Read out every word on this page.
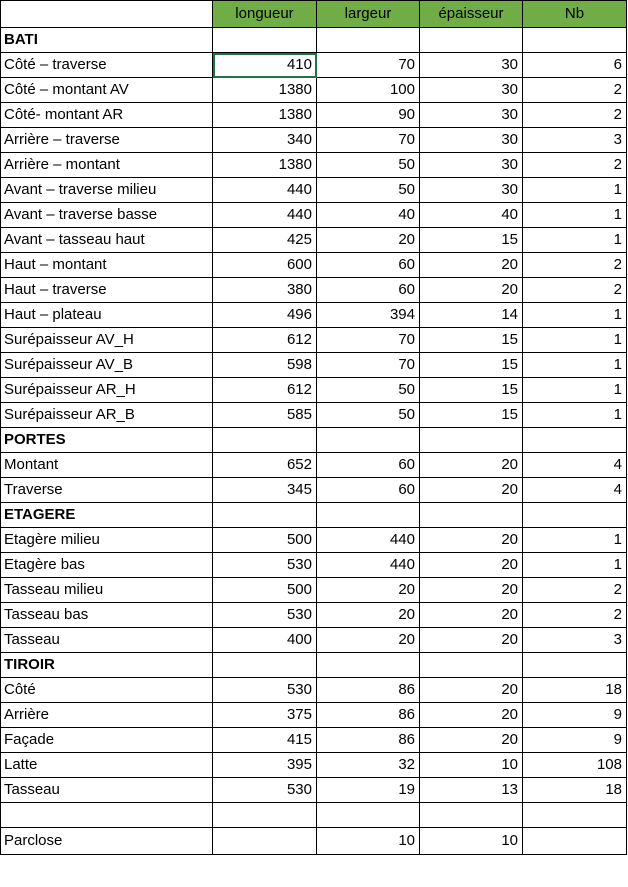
	longueur	largeur	épaisseur	Nb
BATI				
Côté – traverse	410	70	30	6
Côté – montant AV	1380	100	30	2
Côté- montant AR	1380	90	30	2
Arrière – traverse	340	70	30	3
Arrière – montant	1380	50	30	2
Avant – traverse milieu	440	50	30	1
Avant – traverse basse	440	40	40	1
Avant – tasseau haut	425	20	15	1
Haut – montant	600	60	20	2
Haut – traverse	380	60	20	2
Haut – plateau	496	394	14	1
Surépaisseur AV_H	612	70	15	1
Surépaisseur AV_B	598	70	15	1
Surépaisseur AR_H	612	50	15	1
Surépaisseur AR_B	585	50	15	1
PORTES				
Montant	652	60	20	4
Traverse	345	60	20	4
ETAGERE				
Etagère milieu	500	440	20	1
Etagère bas	530	440	20	1
Tasseau milieu	500	20	20	2
Tasseau bas	530	20	20	2
Tasseau	400	20	20	3
TIROIR				
Côté	530	86	20	18
Arrière	375	86	20	9
Façade	415	86	20	9
Latte	395	32	10	108
Tasseau	530	19	13	18

Parclose		10	10	
